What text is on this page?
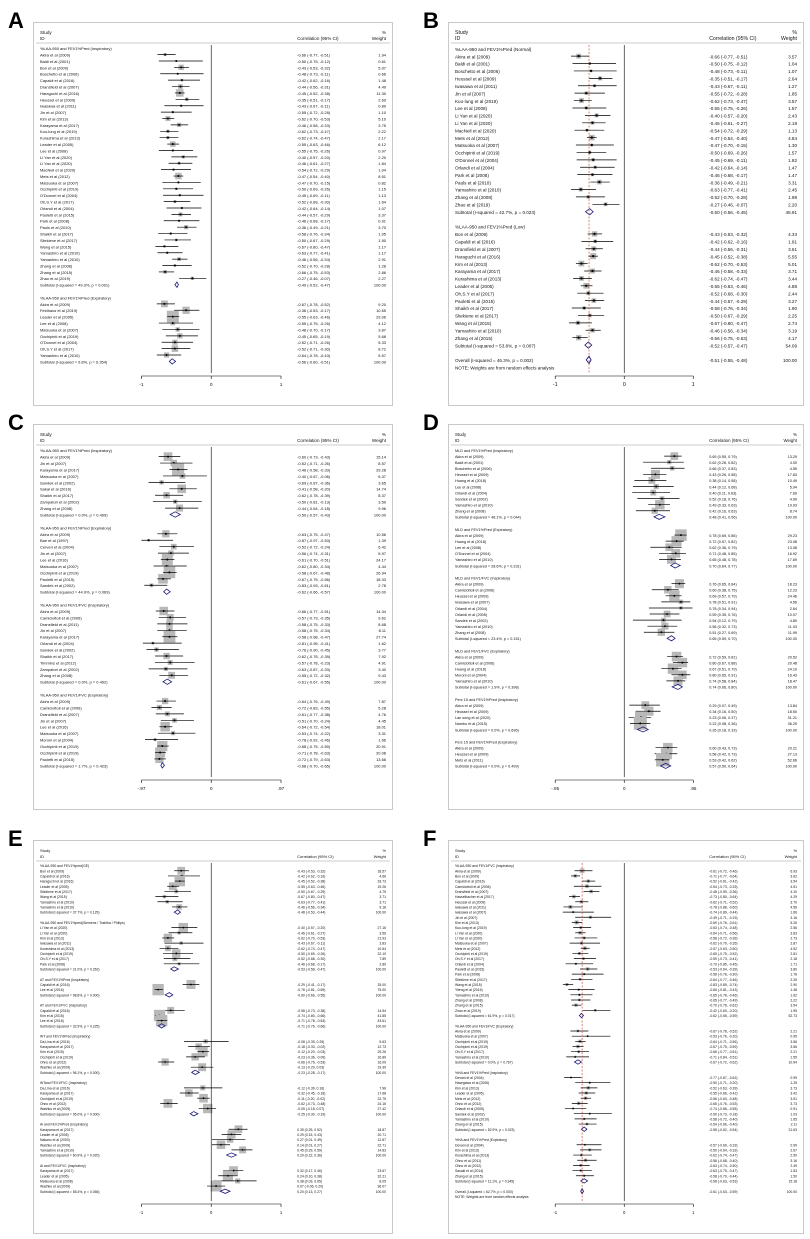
A	Study
ID	Correlation (95% CI)
%
Weight
%LAA-950 and FEV1%Pred (Inspiratory)
Akira et al (2009)	-0.66 (-0.77, -0.51)	1.94
Baldi et al (2001)	-0.50 (-0.75, -0.12)	0.61
Bon et al (2009)	-0.43 (-0.53, -0.32)	5.97
Boschetto et al (2006)	-0.48 (-0.73, -0.11)	0.66
Capaldi et al (2016)	-0.42 (-0.62, -0.16)	1.48
Dransfield et al (2007)	-0.44 (-0.56, -0.31)	4.49
Haraguchi et al (2016)	-0.45 (-0.52, -0.38)	11.30
Heussel et al (2009)	-0.35 (-0.51, -0.17)	2.60
Iwasawa et al (2011)	-0.43 (-0.67, -0.11)	0.89
Jin et al (2007)	-0.55 (-0.72, -0.28)	1.10
Kim et al (2013)	-0.62 (-0.70, -0.53)	5.10
Karayama et al (2017)	-0.46 (-0.58, -0.33)	3.75
Kuo-lung et al (2019)	-0.62 (-0.73, -0.47)	2.22
Kurashima et al (2013)	-0.62 (-0.74, -0.47)	2.17
Leader et al (2005)	-0.55 (-0.63, -0.46)	6.12
Lee et al (2008)	-0.55 (-0.75, -0.26)	0.97
Li Yan et al (2020)	-0.40 (-0.57, -0.20)	2.20
Li Yan et al (2020)	-0.46 (-0.61, -0.27)	1.84
MacNeil et al (2020)	-0.54 (-0.72, -0.29)	1.04
Mets et al (2012)	-0.47 (-0.54, -0.40)	8.51
Matsuoka et al (2007)	-0.47 (-0.70, -0.15)	0.82
Occhipinti et al (2019)	-0.50 (-0.69, -0.26)	1.15
O'Donnel et al (2004)	-0.45 (-0.69, -0.11)	1.13
Oh,S.Y et al (2017)	-0.52 (-0.68, -0.30)	1.64
Orlandi et al (2004)	-0.42 (-0.64, -0.14)	1.07
Paoletti et al (2015)	-0.44 (-0.57, -0.29)	3.37
Park et al (2008)	-0.46 (-0.68, -0.17)	0.91
Pauls et al (2010)	-0.36 (-0.49, -0.21)	3.70
Shaikh et al (2017)	-0.58 (-0.76, -0.34)	1.05
Sliekiene et al (2017)	-0.50 (-0.67, -0.29)	1.50
Wang et al (2015)	-0.67 (-0.80, -0.47)	1.17
Yamashiro et al (2010)	-0.63 (-0.77, -0.41)	1.17
Yamashiro et al (2010)	-0.46 (-0.56, -0.34)	2.91
Zhang et al (2008)	-0.52 (-0.70, -0.28)	1.28
Zhang et al (2015)	-0.66 (-0.75, -0.53)	2.86
Zhao et al (2019)	-0.27 (-0.46, -0.07)	2.27
Subtotal (I-squared = 49.3%, p = 0.001)	-0.49 (-0.52, -0.47)	100.00
%LAA-950 and FEV1%Pred (Expiratory)
Akira et al (2009)	-0.67 (-0.78, -0.52)	9.20
Feldhaus et al (2019)	-0.36 (-0.53, -0.17)	10.65
Leader et al (2005)	-0.55 (-0.63, -0.46)	29.06
Lee et al (2008)	-0.55 (-0.75, -0.26)	4.12
Matsuoka et al (2007)	-0.48 (-0.70, -0.17)	3.87
Occhipinti et al (2019)	-0.45 (-0.65, -0.19)	5.68
O'Donnel et al (2004)	-0.52 (-0.71, -0.26)	5.33
Oh,S.Y et al (2017)	-0.52 (-0.71, -0.30)	8.72
Yamashiro et al (2010)	-0.64 (-0.78, -0.43)	5.57
Subtotal (I-squared = 9.8%, p = 0.354)	-0.56 (-0.60, -0.51)	100.00
-1	0	1
B	Study
ID	Correlation (95% CI)
%
Weight
%LAA-950 and FEV1%Pred (Normal)
Akira et al (2009)	-0.66 (-0.77, -0.51)	3.57
Baldi et al (2001)	-0.50 (-0.75, -0.12)	1.04
Boschetto et al (2006)	-0.48 (-0.73, -0.11)	1.07
Heussel et al (2009)	-0.35 (-0.51, -0.17)	2.64
Iwasawa et al (2011)	-0.43 (-0.67, -0.11)	1.27
Jin et al (2007)	-0.55 (-0.72, -0.28)	1.85
Kuo-lung et al (2019)	-0.62 (-0.73, -0.47)	3.57
Lee et al (2008)	-0.55 (-0.75, -0.26)	1.57
Li Yan et al (2020)	-0.40 (-0.57, -0.20)	2.43
Li Yan et al (2020)	-0.46 (-0.61, -0.27)	2.18
MacNeil et al (2020)	-0.54 (-0.72, -0.29)	1.13
Mets et al (2012)	-0.47 (-0.54, -0.40)	4.84
Matsuoka et al (2007)	-0.47 (-0.70, -0.15)	1.30
Occhipinti et al (2019)	-0.50 (-0.69, -0.26)	1.57
O'Donnel et al (2004)	-0.45 (-0.69, -0.11)	1.82
Orlandi et al (2004)	-0.42 (-0.64, -0.14)	1.47
Park et al (2008)	-0.46 (-0.68, -0.17)	1.47
Pauls et al (2010)	-0.36 (-0.49, -0.21)	3.31
Yamashiro et al (2010)	-0.63 (-0.77, -0.41)	2.45
Zhang et al (2008)	-0.52 (-0.70, -0.28)	1.98
Zhao et al (2019)	-0.27 (-0.46, -0.07)	2.20
Subtotal (I-squared = 42.7%, p = 0.023)	-0.50 (-0.56, -0.45)	45.91
%LAA-950 and FEV1%Pred (Low)
Bon et al (2009)	-0.43 (-0.53, -0.32)	4.33
Capaldi et al (2016)	-0.42 (-0.62, -0.16)	1.91
Dransfield et al (2007)	-0.44 (-0.56, -0.31)	3.61
Haraguchi et al (2016)	-0.45 (-0.52, -0.38)	5.55
Kim et al (2013)	-0.62 (-0.70, -0.53)	5.01
Karayama et al (2017)	-0.46 (-0.58, -0.33)	3.71
Kurashima et al (2013)	-0.62 (-0.74, -0.47)	3.44
Leader et al (2005)	-0.55 (-0.63, -0.46)	4.88
Oh,S.Y et al (2017)	-0.52 (-0.68, -0.30)	2.44
Paoletti et al (2015)	-0.44 (-0.57, -0.29)	3.27
Shaikh et al (2017)	-0.58 (-0.76, -0.34)	1.90
Sliekiene et al (2017)	-0.50 (-0.67, -0.29)	2.25
Wang et al (2015)	-0.67 (-0.80, -0.47)	2.74
Yamashiro et al (2010)	-0.46 (-0.56, -0.34)	3.19
Zhang et al (2015)	-0.66 (-0.75, -0.53)	4.17
Subtotal (I-squared = 53.8%, p = 0.007)	-0.52 (-0.57, -0.47)	54.09
Overall (I-squared = 46.3%, p = 0.002)	-0.51 (-0.55, -0.48)	100.00
NOTE: Weights are from random effects analysis
-1	0	1
C	Study
ID	Correlation (95% CI)
%
Weight
%LAA-950 and FEV1%Pred (Inspiratory)
Akira et al (2009)	-0.60 (-0.73, -0.43)	15.14
Jin et al (2007)	-0.52 (-0.71, -0.26)	8.57
Karayama et al (2017)	-0.46 (-0.58, -0.33)	29.28
Matsuoka et al (2007)	-0.40 (-0.67, -0.06)	6.37
Sandek et al (2002)	-0.69 (-0.87, -0.36)	3.65
Sakai et al (2016)	-0.41 (-0.58, -0.20)	14.74
Shaikh et al (2017)	-0.62 (-0.78, -0.39)	8.37
Zampatori et al (2002)	-0.50 (-0.81, -0.13)	3.59
Zhang et al (2008)	-0.44 (-0.64, -0.18)	9.96
Subtotal (I-squared = 0.0%, p = 0.499)	-0.50 (-0.57, -0.43)	100.00
%LAA-950 and FEV1%Pred (Expiratory)
Akira et al (2009)	-0.63 (-0.75, -0.47)	10.56
Bae et al (1997)	-0.87 (-0.97, -0.53)	1.39
Cerveri et al (2004)	-0.52 (-0.72, -0.24)	6.42
Jin et al (2007)	-0.56 (-0.74, -0.31)	5.97
Lee et al (2016)	-0.61 (-0.70, -0.51)	24.17
Matsuoka et al (2007)	-0.62 (-0.80, -0.34)	4.44
Occhipinti et al (2019)	-0.58 (-0.67, -0.48)	26.94
Paoletti et al (2015)	-0.67 (-0.75, -0.56)	18.33
Sandek et al (2002)	-0.83 (-0.93, -0.61)	2.78
Subtotal (I-squared = 44.9%, p = 0.069)	-0.62 (-0.66, -0.57)	100.00
%LAA-950 and FEV1/FVC (Inspiratory)
Akira et al (2009)	-0.66 (-0.77, -0.51)	14.34
Camiciottoli et al (2006)	-0.57 (-0.73, -0.35)	9.62
Dransfield et al (2011)	-0.58 (-0.75, -0.33)	8.68
Jin et al (2007)	-0.58 (-0.75, -0.34)	8.11
Karayama et al (2017)	-0.58 (-0.68, -0.47)	27.74
Orlandi et al (2004)	-0.81 (-0.95, -0.41)	1.62
Sandek et al (2002)	-0.76 (-0.90, -0.45)	3.77
Shaikh et al (2017)	-0.62 (-0.78, -0.39)	7.92
Timmins et al (2012)	-0.57 (-0.78, -0.23)	4.91
Zampatori et al (2002)	-0.63 (-0.87, -0.33)	3.40
Zhang et al (2008)	-0.55 (-0.72, -0.32)	9.43
Subtotal (I-squared = 0.0%, p = 0.492)	-0.61 (-0.67, -0.55)	100.00
%LAA-950 and FEV1/FVC (Expiratory)
Akira et al (2009)	-0.64 (-0.76, -0.49)	7.87
Camiciottoli et al (2006)	-0.72 (-0.83, -0.55)	5.28
Dransfield et al (2007)	-0.61 (-0.77, -0.38)	4.76
Jin et al (2007)	-0.51 (-0.70, -0.24)	4.45
Lee et al (2016)	-0.64 (-0.72, -0.54)	18.01
Matsuoka et al (2007)	-0.53 (-0.74, -0.22)	3.31
Moroni et al (2004)	-0.78 (-0.92, -0.46)	1.66
Occhipinti et al (2019)	-0.68 (-0.75, -0.59)	20.91
Occhipinti et al (2019)	-0.71 (-0.78, -0.63)	20.08
Paoletti et al (2015)	-0.72 (-0.79, -0.63)	13.66
Subtotal (I-squared = 1.7%, p = 0.423)	-0.68 (-0.70, -0.65)	100.00
-.97	0	.97
D	Study
ID	Correlation (95% CI)
%
Weight
MLD and FEV1%Pred (Inspiratory)
Akira et al (2009)	0.69 (0.55, 0.79)	13.29
Baldi et al (2001)	0.62 (0.26, 0.82)	4.00
Boschetto et al (2006)	0.66 (0.37, 0.83)	4.55
Heussel et al (2009)	0.43 (0.26, 0.58)	17.83
Huang et al (2018)	0.38 (0.14, 0.58)	10.49
Lee et al (2008)	0.44 (0.12, 0.68)	5.94
Orlandi et al (2004)	0.40 (0.11, 0.63)	7.69
Sandek et al (2002)	0.52 (0.18, 0.76)	4.99
Yamashiro et al (2010)	0.49 (0.33, 0.63)	19.93
Zhang et al (2008)	0.42 (0.16, 0.63)	8.74
Subtotal (I-squared = 48.1%, p = 0.044)	0.48 (0.41, 0.56)	100.00
MLD and FEV1%Pred (Expiratory)
Akira et al (2009)	0.78 (0.69, 0.86)	29.23
Huang et al (2018)	0.72 (0.57, 0.82)	23.08
Lee et al (2008)	0.62 (0.36, 0.79)	13.08
O'Donnel et al (2004)	0.71 (0.48, 0.85)	16.92
Yamashiro et al (2010)	0.65 (0.48, 0.78)	17.69
Subtotal (I-squared = 28.6%, p = 0.231)	0.70 (0.64, 0.77)	100.00
MLD and FEV1/FVC (Inspiratory)
Akira et al (2009)	0.76 (0.65, 0.84)	18.23
Camiciottoli et al (2006)	0.60 (0.38, 0.75)	12.23
Heussel et al (2009)	0.69 (0.57, 0.79)	24.46
Iwasawa et al (2007)	0.78 (0.51, 0.91)	4.56
Orlandi et al (2004)	0.78 (0.34, 0.94)	2.64
Orlandi et al (2005)	0.59 (0.35, 0.76)	10.07
Sandek et al (2002)	0.54 (0.12, 0.79)	4.80
Yamashiro et al (2010)	0.56 (0.32, 0.73)	11.03
Zhang et al (2008)	0.51 (0.27, 0.69)	11.99
Subtotal (I-squared = 23.4%, p = 0.151)	0.65 (0.59, 0.70)	100.00
MLD and FEV1/FVC (Expiratory)
Akira et al (2009)	0.72 (0.59, 0.81)	20.52
Camiciottoli et al (2006)	0.80 (0.67, 0.88)	20.48
Huang et al (2018)	0.67 (0.51, 0.79)	24.10
Moroni et al (2004)	0.80 (0.65, 0.91)	16.43
Yamashiro et al (2010)	0.74 (0.58, 0.84)	18.47
Subtotal (I-squared = 1.9%, p = 0.398)	0.74 (0.66, 0.80)	100.00
Perc 15 and FEV1%Pred (Inspiratory)
Akira et al (2009)	0.29 (0.07, 0.49)	13.84
Heussel et al (2009)	0.34 (0.16, 0.50)	18.50
Lan song et al (2020)	0.23 (0.06, 0.37)	31.21
Nambu et al (2015)	0.22 (0.08, 0.36)	36.25
Subtotal (I-squared = 0.0%, p = 0.696)	0.26 (0.18, 0.33)	100.00
Perc 15 and FEV1%Pred (Expiratory)
Akira et al (2009)	0.60 (0.43, 0.73)	20.21
Heussel et al (2009)	0.58 (0.42, 0.73)	27.13
Mets et al (2011)	0.53 (0.42, 0.62)	52.66
Subtotal (I-squared = 0.0%, p = 0.499)	0.57 (0.50, 0.64)	100.00
-.95	0	.95
E	Study
ID	Correlation (95% CI)
%
Weight
%LAA-950 and FEV1%pred(GE)
Bon et al (2009)	-0.43 (-0.53, -0.32)	18.57
Capaldi et al (2016)	-0.42 (-0.62, -0.16)	4.66
Haraguchi et al (2016)	-0.45 (-0.52, -0.38)	33.73
Leader et al (2005)	-0.55 (-0.63, -0.46)	19.26
Sliekiene et al (2017)	-0.50 (-0.67, -0.29)	4.75
Wang et al (2015)	-0.67 (-0.80, -0.47)	3.71
Yamashiro et al (2010)	-0.63 (-0.77, -0.41)	3.71
Yamashiro et al (2010)	-0.46 (-0.56, -0.34)	9.18
Subtotal (I-squared = 37.7%, p = 0.129)	-0.48 (-0.53, -0.44)	100.00
%LAA-950 and FEV1%pred(Siemens / Toshiba / Philips)
Li Yan et al (2020)	-0.40 (-0.57, -0.20)	27.16
Li Yan et al (2020)	-0.46 (-0.61, -0.27)	3.56
Kim et al (2013)	-0.62 (-0.70, -0.53)	21.93
Iwasawa et al (2011)	-0.43 (-0.67, -0.11)	3.83
Kurashima et al (2013)	-0.62 (-0.74, -0.47)	10.64
Occhipinti et al (2019)	-0.50 (-0.69, -0.26)	22.10
Oh,S.Y et al (2017)	-0.52 (-0.68, -0.30)	7.89
Park et al (2008)	-0.46 (-0.68, -0.17)	2.89
Subtotal (I-squared = 21.0%, p = 0.262)	-0.53 (-0.58, -0.47)	100.00
AT and FEV1%Pred (Inspiratory)
Capaldi et al (2016)	-0.29 (-0.41, -0.17)	25.00
Lee et al (2016)	-0.76 (-0.81, -0.69)	75.00
Subtotal (I-squared = 98.8%, p = 0.000)	-0.60 (-0.66, -0.55)	100.00
AT and FEV1/FVC (Inspiratory)
Capaldi et al (2016)	-0.58 (-0.73, -0.38)	14.54
Kim et al (2015)	-0.74 (-0.80, -0.66)	41.85
Lee et al (2016)	-0.71 (-0.78, -0.63)	43.61
Subtotal (I-squared = 32.9%, p = 0.225)	-0.71 (-0.76, -0.66)	100.00
WT and FEV1%Pred (Inspiratory)
Da,Lina et al (2016)	-0.08 (-0.39, 0.25)	5.63
Karayama et al (2017)	-0.18 (-0.33, -0.02)	12.73
Kim et al (2015)	-0.12 (-0.20, -0.03)	29.26
Occhipinti et al (2019)	-0.23 (-0.36, -0.09)	16.89
Ohno et al (2012)	-0.66 (-0.76, -0.53)	16.09
Washko et al (2009)	-0.13 (-0.29, 0.03)	19.39
Subtotal (I-squared = 96.1%, p = 0.000)	-0.23 (-0.28, -0.17)	100.00
WTand FEV1/FVC (Inspiratory)
Da,Lina et al (2016)	-0.12 (-0.39, 0.16)	7.96
Karayama et al (2017)	-0.32 (-0.45, -0.18)	17.68
Occhipinti et al (2019)	-0.11 (-0.20, -0.02)	22.75
Ohno et al (2012)	-0.62 (-0.73, -0.48)	24.16
Washko et al (2009)	-0.05 (-0.18, 0.07)	27.42
Subtotal (I-squared = 95.0%, p = 0.000)	-0.25 (-0.30, -0.19)	100.00
Ai and FEV1%Pred (Inspiratory)
Karayama et al (2017)	0.39 (0.25, 0.52)	18.87
Leader et al (2005)	0.29 (0.15, 0.43)	20.71
Nakano et al (2000)	0.27 (0.01, 0.49)	12.87
Washko et al (2009)	0.14 (0.01, 0.27)	22.71
Yamashiro et al (2010)	0.45 (0.29, 0.59)	14.83
Subtotal (I-squared = 60.9%, p = 0.020)	0.29 (0.22, 0.36)	100.00
Ai and FEV1/FVC (Inspiratory)
Karayama et al (2017)	0.32 (0.17, 0.46)	23.67
Leader et al (2005)	0.24 (0.10, 0.38)	32.21
Matsuoka et al (2008)	0.38 (0.03, 0.65)	8.05
Washko et al (2009)	0.07 (-0.06, 0.20)	36.07
Subtotal (I-squared = 58.4%, p = 0.066)	0.20 (0.13, 0.27)	100.00
-1	0	1
F	Study
ID	Correlation (95% CI)
%
Weight
%LAA-950 and FEV1/FVC (Inspiratory)
Akira et al (2009)	-0.61 (-0.72, -0.46)	6.93
Bon et al (2009)	-0.71 (-0.77, -0.64)	3.62
Capaldi et al (2016)	-0.52 (-0.61, -0.42)	3.54
Camiciottoli et al (2006)	-0.54 (-0.73, -0.33)	4.51
Dransfield et al (2007)	-0.48 (-0.59, -0.36)	4.10
Hasselbacher et al (2017)	-0.73 (-0.80, -0.64)	4.29
Heussel et al (2009)	-0.62 (-0.71, -0.52)	3.70
Iwasawa et al (2011)	-0.78 (-0.88, -0.60)	4.56
Iwasawa et al (2007)	-0.74 (-0.89, -0.44)	1.66
Jin et al (2007)	-0.49 (-0.71, -0.19)	3.16
Kim et al (2013)	-0.69 (-0.76, -0.61)	5.26
Kuo-lung et al (2019)	-0.63 (-0.74, -0.48)	2.56
Li Yan et al (2020)	-0.64 (-0.71, -0.56)	3.83
Li Yan et al (2020)	-0.58 (-0.72, -0.39)	2.73
Matsuoka et al (2007)	-0.62 (-0.79, -0.35)	2.87
Mets et al (2012)	-0.57 (-0.63, -0.50)	4.52
Occhipinti et al (2019)	-0.65 (-0.75, -0.52)	2.81
Oh,S.Y et al (2017)	-0.59 (-0.73, -0.41)	2.18
Orlandi et al (2004)	-0.70 (-0.85, -0.45)	1.71
Paoletti et al (2015)	-0.53 (-0.64, -0.39)	3.80
Park et al (2008)	-0.58 (-0.76, -0.30)	1.76
Sliekiene et al (2017)	-0.64 (-0.77, -0.46)	2.25
Wang et al (2015)	-0.83 (-0.89, -0.74)	2.90
Yiteng et al (2016)	-0.66 (-0.81, -0.43)	1.48
Yamashiro et al (2010)	-0.65 (-0.78, -0.46)	1.62
Zhang et al (2008)	-0.65 (-0.77, -0.49)	2.22
Zhang et al (2015)	-0.70 (-0.76, -0.62)	3.54
Zhao et al (2019)	-0.42 (-0.60, -0.20)	1.95
Subtotal (I-squared = 61.9%, p = 0.017)	-0.62 (-0.65, -0.59)	52.73
%LAA-950 and FEV1/FVC (Expiratory)
Akira et al (2009)	-0.67 (-0.78, -0.52)	2.21
Matsuoka et al (2007)	-0.53 (-0.76, -0.20)	0.95
Occhipinti et al (2019)	-0.64 (-0.71, -0.56)	3.56
Occhipinti et al (2019)	-0.67 (-0.75, -0.59)	3.56
Oh,S.Y et al (2017)	-0.66 (-0.77, -0.51)	2.21
Yamashiro et al (2010)	-0.71 (-0.84, -0.51)	1.55
Subtotal (I-squared = 0.0%, p = 0.767)	-0.67 (-0.72, -0.62)	10.94
%HA and FEV1%Pred (Inspiratory)
Devani et al (2004)	-0.77 (-0.87, -0.62)	0.99
Hasegawa et al (2006)	-0.50 (-0.71, -0.20)	1.25
Kim et al (2013)	-0.52 (-0.63, -0.39)	3.73
Leader et al (2005)	-0.55 (-0.66, -0.42)	3.42
Mets et al (2012)	-0.56 (-0.63, -0.48)	3.51
Ohno et al (2012)	-0.66 (-0.76, -0.53)	3.73
Orlandi et al (2005)	-0.74 (-0.86, -0.55)	0.91
Sandek et al (2002)	-0.50 (-0.73, -0.18)	1.03
Yamashiro et al (2010)	-0.58 (-0.72, -0.40)	1.65
Zhang et al (2015)	-0.54 (-0.66, -0.40)	2.11
Subtotal (I-squared = 52.9%, p = 0.023)	-0.58 (-0.62, -0.54)	21.63
%HA and FEV1%Pred (Expiratory)
Devani et al (2004)	-0.57 (-0.69, -0.33)	0.99
Kim et al (2013)	-0.50 (-0.64, -0.33)	2.67
Kurashima et al (2013)	-0.62 (-0.74, -0.47)	2.50
Ohno et al (2011)	-0.56 (-0.68, -0.40)	3.16
Ohno et al (2012)	-0.63 (-0.74, -0.50)	2.49
Sasaki et al (2014)	-0.63 (-0.75, -0.47)	1.53
Zhang et al (2015)	-0.58 (-0.70, -0.44)	1.50
Subtotal (I-squared = 11.1%, p = 0.345)	-0.58 (-0.63, -0.53)	15.18
Overall (I-squared = 62.7%, p = 0.000)	-0.61 (-0.63, -0.59)	100.00
NOTE: Weights are from random effects analysis
-1	0	1
